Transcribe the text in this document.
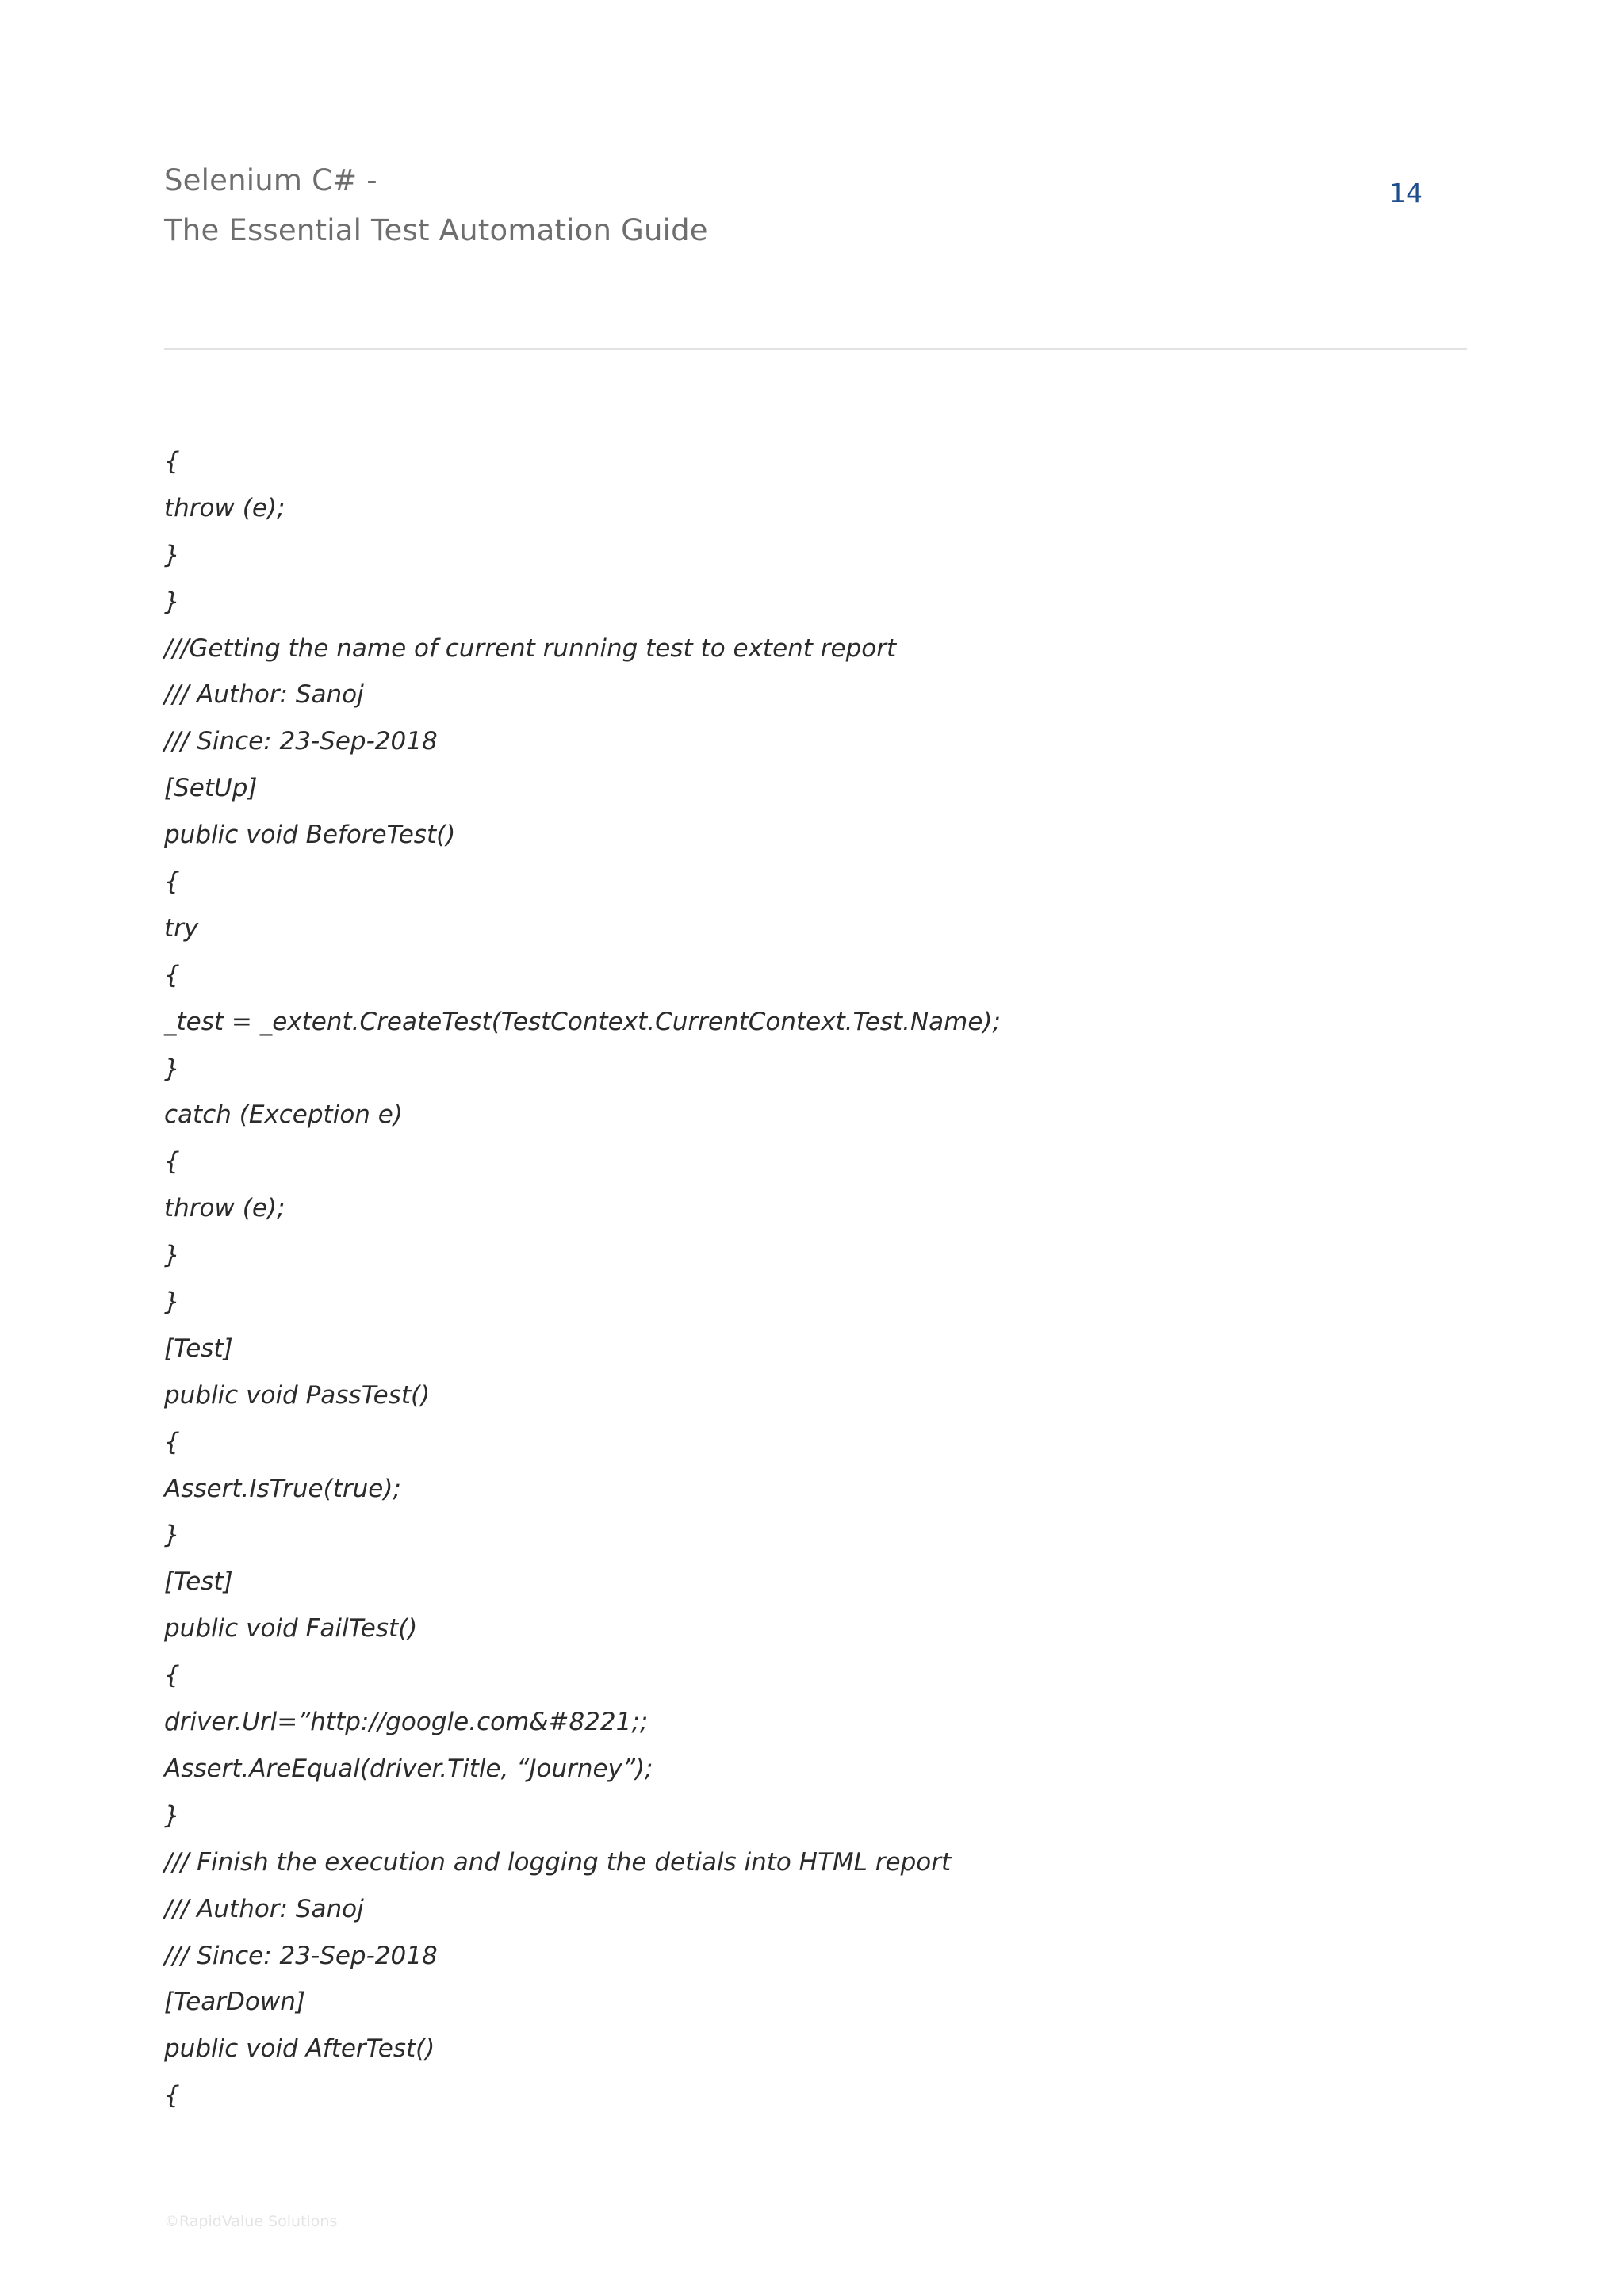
Selenium C# -
The Essential Test Automation Guide
14
{
throw (e);
}
}
///Getting the name of current running test to extent report
/// Author: Sanoj
/// Since: 23-Sep-2018
[SetUp]
public void BeforeTest()
{
try
{
_test = _extent.CreateTest(TestContext.CurrentContext.Test.Name);
}
catch (Exception e)
{
throw (e);
}
}
[Test]
public void PassTest()
{
Assert.IsTrue(true);
}
[Test]
public void FailTest()
{
driver.Url=”http://google.com&#8221;;
Assert.AreEqual(driver.Title, “Journey”);
}
/// Finish the execution and logging the detials into HTML report
/// Author: Sanoj
/// Since: 23-Sep-2018
[TearDown]
public void AfterTest()
{
©RapidValue Solutions
